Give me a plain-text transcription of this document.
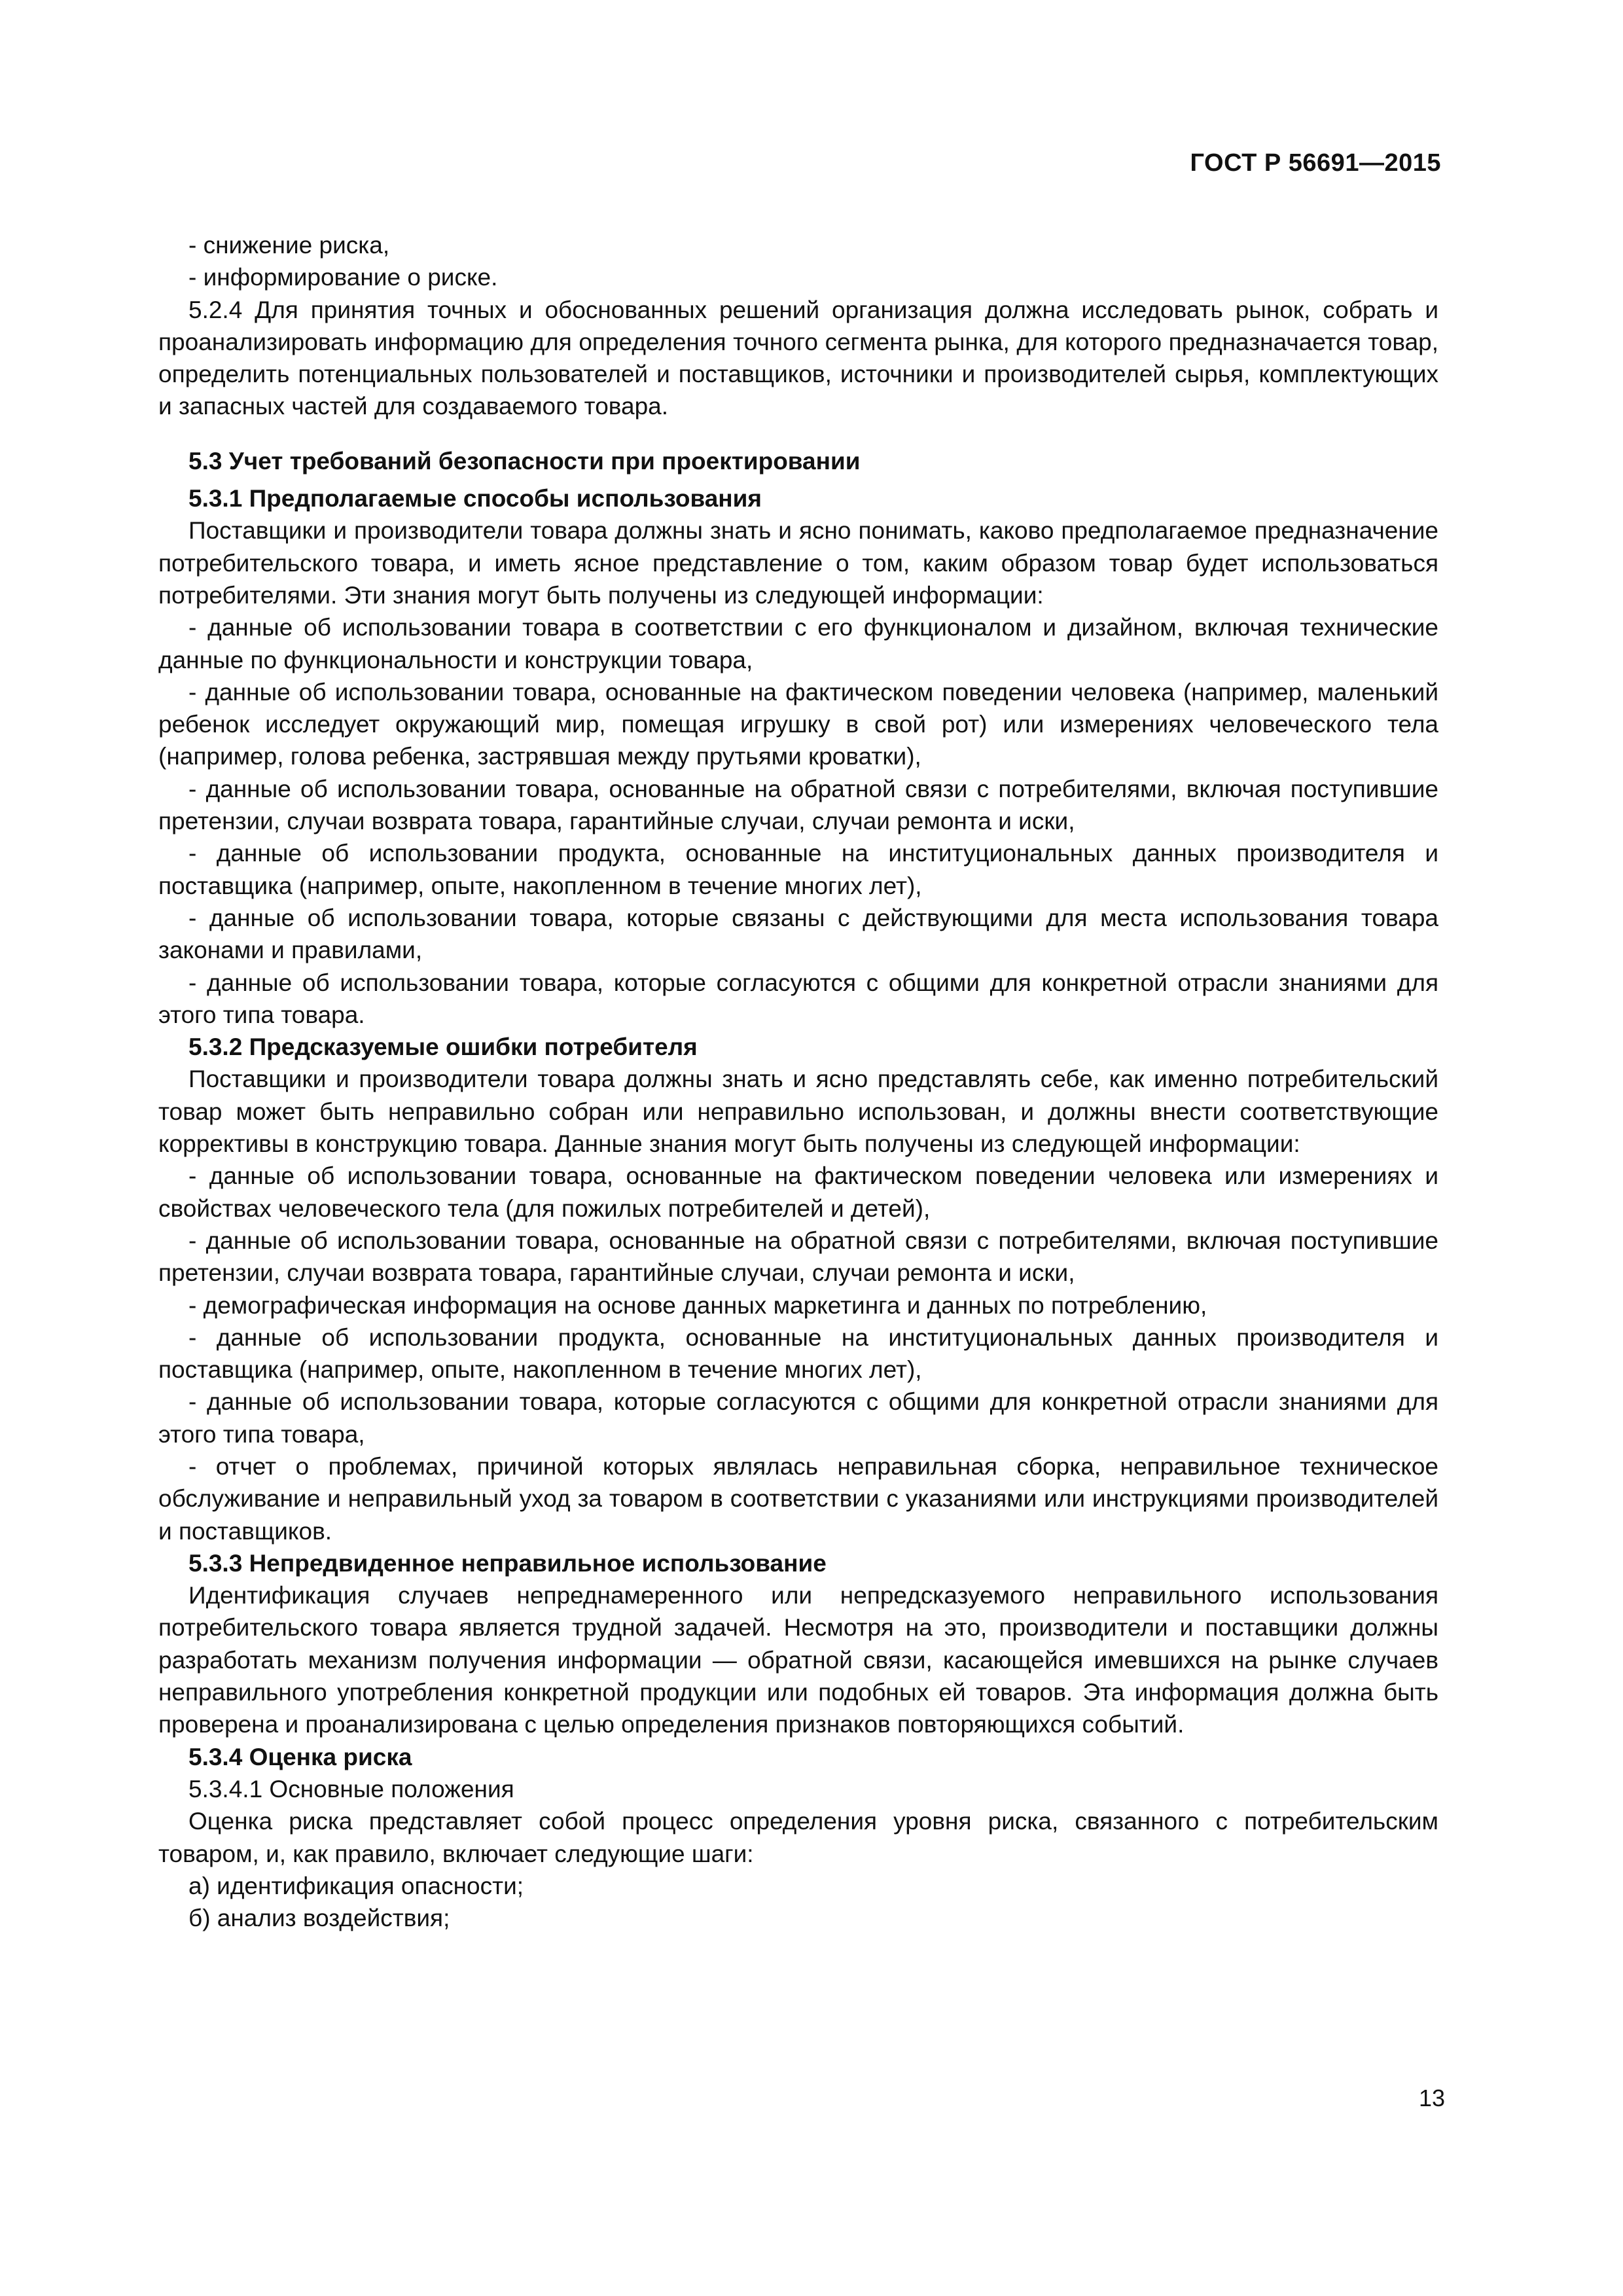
ГОСТ Р 56691—2015

- снижение риска,

- информирование о риске.

5.2.4 Для принятия точных и обоснованных решений организация должна исследовать рынок, собрать и проанализировать информацию для определения точного сегмента рынка, для которого предназначается товар, определить потенциальных пользователей и поставщиков, источники и производителей сырья, комплектующих и запасных частей для создаваемого товара.

5.3 Учет требований безопасности при проектировании

5.3.1 Предполагаемые способы использования

Поставщики и производители товара должны знать и ясно понимать, каково предполагаемое предназначение потребительского товара, и иметь ясное представление о том, каким образом товар будет использоваться потребителями. Эти знания могут быть получены из следующей информации:

- данные об использовании товара в соответствии с его функционалом и дизайном, включая технические данные по функциональности и конструкции товара,

- данные об использовании товара, основанные на фактическом поведении человека (например, маленький ребенок исследует окружающий мир, помещая игрушку в свой рот) или измерениях человеческого тела (например, голова ребенка, застрявшая между прутьями кроватки),

- данные об использовании товара, основанные на обратной связи с потребителями, включая поступившие претензии, случаи возврата товара, гарантийные случаи, случаи ремонта и иски,

- данные об использовании продукта, основанные на институциональных данных производителя и поставщика (например, опыте, накопленном в течение многих лет),

- данные об использовании товара, которые связаны с действующими для места использования товара законами и правилами,

- данные об использовании товара, которые согласуются с общими для конкретной отрасли знаниями для этого типа товара.

5.3.2 Предсказуемые ошибки потребителя

Поставщики и производители товара должны знать и ясно представлять себе, как именно потребительский товар может быть неправильно собран или неправильно использован, и должны внести соответствующие коррективы в конструкцию товара. Данные знания могут быть получены из следующей информации:

- данные об использовании товара, основанные на фактическом поведении человека или измерениях и свойствах человеческого тела (для пожилых потребителей и детей),

- данные об использовании товара, основанные на обратной связи с потребителями, включая поступившие претензии, случаи возврата товара, гарантийные случаи, случаи ремонта и иски,

- демографическая информация на основе данных маркетинга и данных по потреблению,

- данные об использовании продукта, основанные на институциональных данных производителя и поставщика (например, опыте, накопленном в течение многих лет),

- данные об использовании товара, которые согласуются с общими для конкретной отрасли знаниями для этого типа товара,

- отчет о проблемах, причиной которых являлась неправильная сборка, неправильное техническое обслуживание и неправильный уход за товаром в соответствии с указаниями или инструкциями производителей и поставщиков.

5.3.3 Непредвиденное неправильное использование

Идентификация случаев непреднамеренного или непредсказуемого неправильного использования потребительского товара является трудной задачей. Несмотря на это, производители и поставщики должны разработать механизм получения информации — обратной связи, касающейся имевшихся на рынке случаев неправильного употребления конкретной продукции или подобных ей товаров. Эта информация должна быть проверена и проанализирована с целью определения признаков повторяющихся событий.

5.3.4 Оценка риска

5.3.4.1 Основные положения

Оценка риска представляет собой процесс определения уровня риска, связанного с потребительским товаром, и, как правило, включает следующие шаги:

а) идентификация опасности;

б) анализ воздействия;

13
